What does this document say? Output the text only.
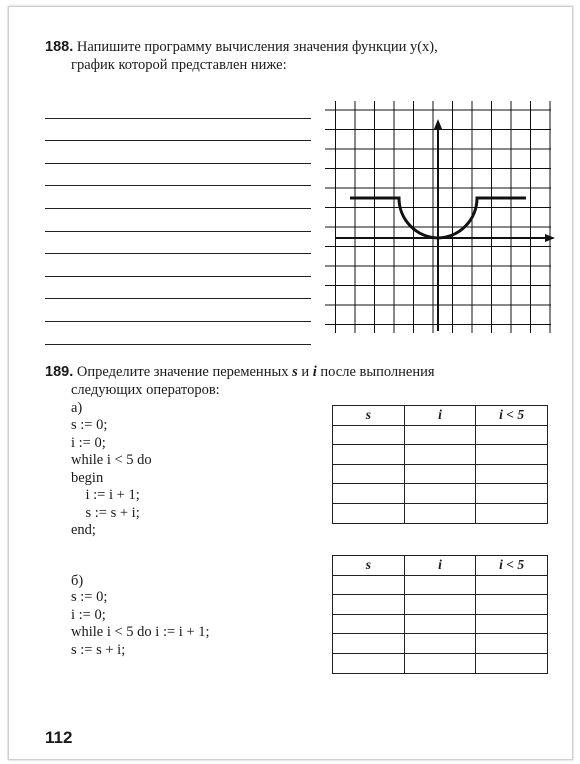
188. Напишите программу вычисления значения функции y(x),
график которой представлен ниже:
189. Определите значение переменных s и i после выполнения
следующих операторов:
а)
s := 0;
i := 0;
while i < 5 do
begin
i := i + 1;
s := s + i;
end;
s	i	i < 5

б)
s := 0;
i := 0;
while i < 5 do i := i + 1;
s := s + i;
s	i	i < 5

112
